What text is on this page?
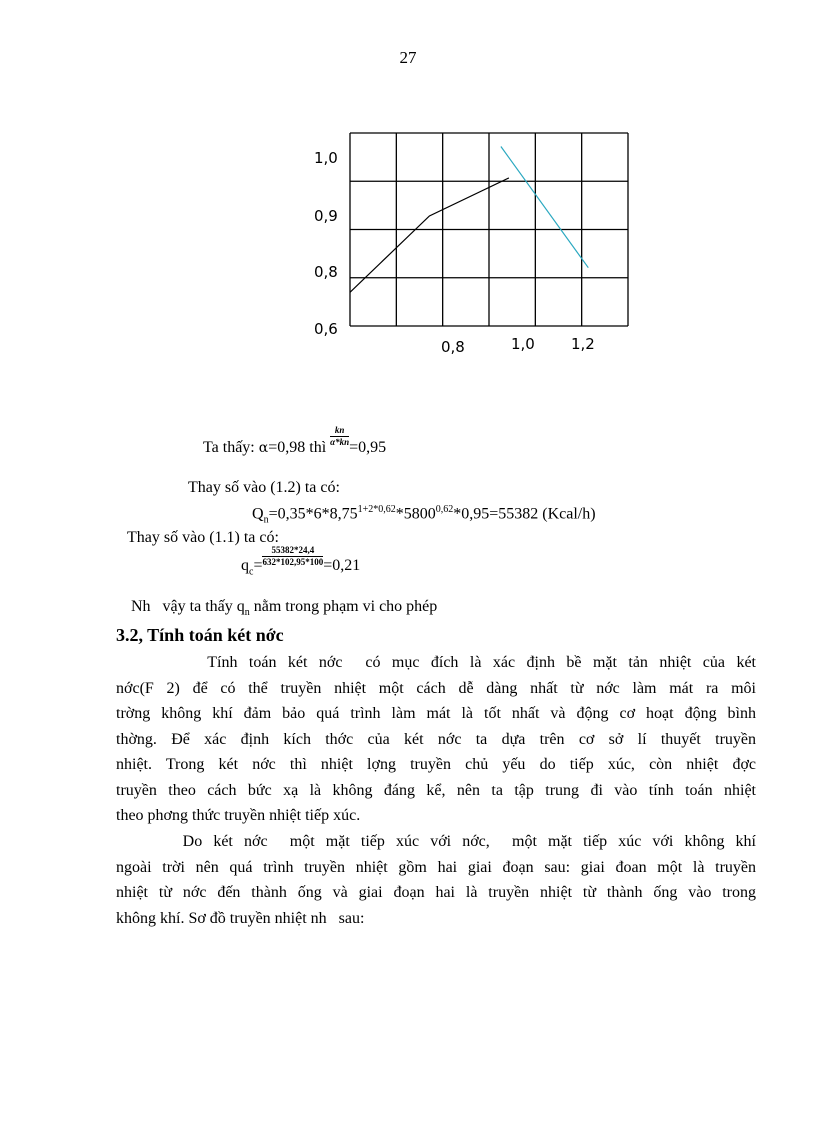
27
1,0
0,9
0,8
0,6
0,8	1,0 1,2
Ta thấy: α=0,98 thì
$\frac{kn}{\alpha*kn}$
=0,95
Thay số vào (1.2) ta có:
$Q_n=0,35*6*8,75^{1+2*0,62}*5800^{0,62}*0,95=55382$ (Kcal/h)
Thay số vào (1.1) ta có:
$q_c= \frac{55382*24,4}{632*102,95*100} =0,21$
Nh   vậy ta thấy $q_n$ nằm trong phạm vi cho phép
3.2, Tính toán két nớc
Tính toán két nớc  có mục đích là xác định bề mặt tản nhiệt của két
nớc(F 2) để có thể truyền nhiệt một cách dễ dàng nhất từ nớc làm mát ra môi
trờng không khí đảm bảo quá trình làm mát là tốt nhất và động cơ hoạt động bình
thờng. Để xác định kích thớc của két nớc ta dựa trên cơ sở lí thuyết truyền
nhiệt. Trong két nớc thì nhiệt lợng truyền chủ yếu do tiếp xúc, còn nhiệt đợc
truyền theo cách bức xạ là không đáng kể, nên ta tập trung đi vào tính toán nhiệt
theo phơng thức truyền nhiệt tiếp xúc.
Do két nớc  một mặt tiếp xúc với nớc,  một mặt tiếp xúc với không khí
ngoài trời nên quá trình truyền nhiệt gồm hai giai đoạn sau: giai đoan một là truyền
nhiệt từ nớc đến thành ống và giai đoạn hai là truyền nhiệt từ thành ống vào trong
không khí. Sơ đồ truyền nhiệt nh   sau:
